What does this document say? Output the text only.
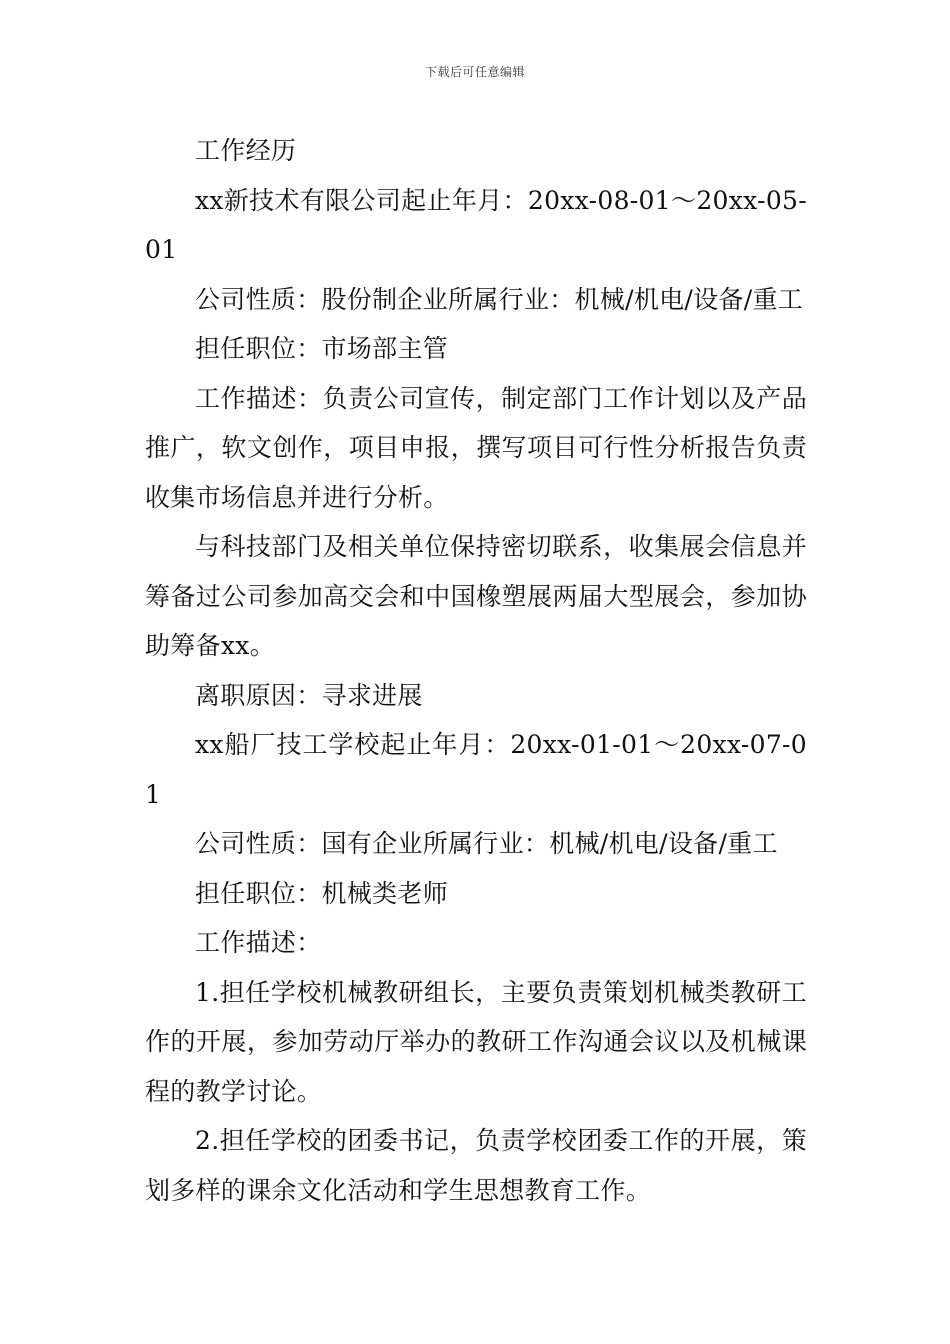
下载后可任意编辑

工作经历

xx新技术有限公司起止年月：20xx-08-01～20xx-05-01

公司性质：股份制企业所属行业：机械/机电/设备/重工

担任职位：市场部主管

工作描述：负责公司宣传，制定部门工作计划以及产品推广，软文创作，项目申报，撰写项目可行性分析报告负责收集市场信息并进行分析。

与科技部门及相关单位保持密切联系，收集展会信息并筹备过公司参加高交会和中国橡塑展两届大型展会，参加协助筹备xx。

离职原因：寻求进展

xx船厂技工学校起止年月：20xx-01-01～20xx-07-01

公司性质：国有企业所属行业：机械/机电/设备/重工

担任职位：机械类老师

工作描述：

1.担任学校机械教研组长，主要负责策划机械类教研工作的开展，参加劳动厅举办的教研工作沟通会议以及机械课程的教学讨论。

2.担任学校的团委书记，负责学校团委工作的开展，策划多样的课余文化活动和学生思想教育工作。
